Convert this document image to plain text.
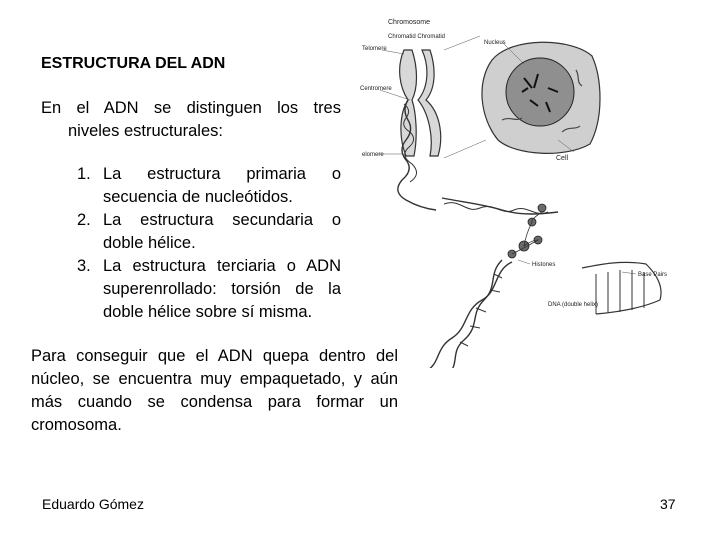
ESTRUCTURA DEL ADN
En el ADN se distinguen los tres
niveles estructurales:
1. La estructura primaria o secuencia de nucleótidos.
2. La estructura secundaria o doble hélice.
3. La estructura terciaria o ADN superenrollado: torsión de la doble hélice sobre sí misma.
Para conseguir que el ADN quepa dentro del núcleo, se encuentra muy empaquetado, y aún más cuando se condensa para formar un cromosoma.
Eduardo Gómez	37
Chromosome
Chromatid Chromatid
Telomere
Centromere
elomere
Nucleus
Cell
Histones
Base Pairs
DNA (double helix)
